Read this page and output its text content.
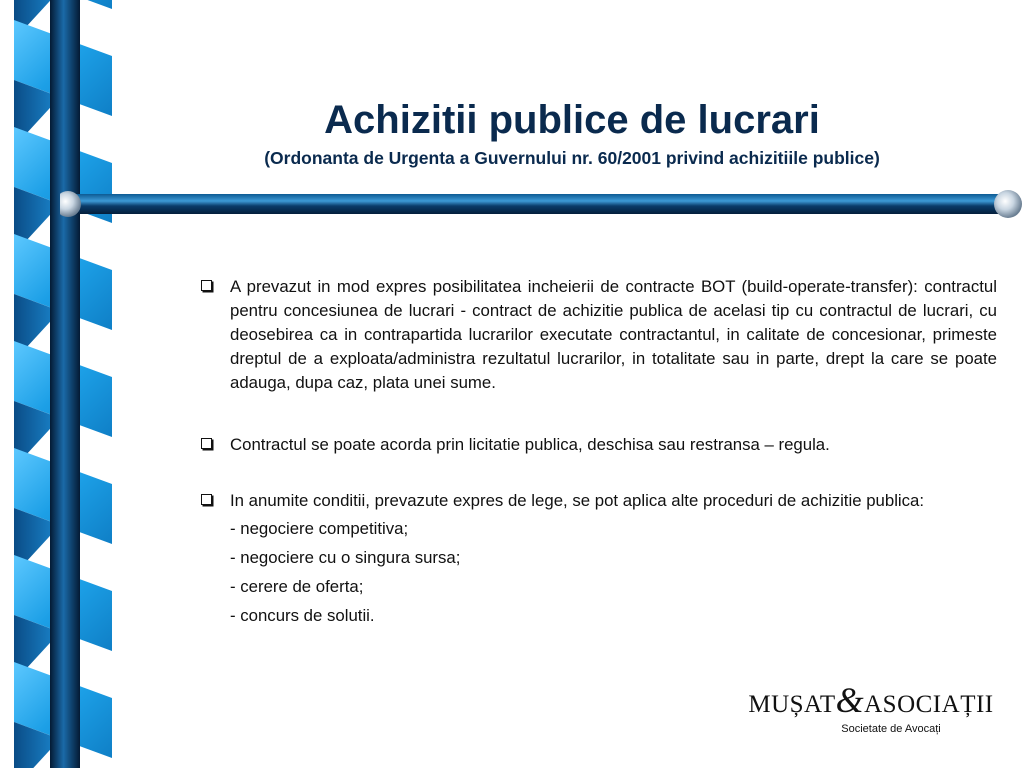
Achizitii publice de lucrari
(Ordonanta de Urgenta a Guvernului nr. 60/2001 privind achizitiile publice)
A prevazut in mod expres posibilitatea incheierii de contracte BOT (build-operate-transfer): contractul pentru concesiunea de lucrari - contract de achizitie publica de acelasi tip cu contractul de lucrari, cu deosebirea ca in contrapartida lucrarilor executate contractantul, in calitate de concesionar, primeste dreptul de a exploata/administra rezultatul lucrarilor, in totalitate sau in parte, drept la care se poate adauga, dupa caz, plata unei sume.
Contractul se poate acorda prin licitatie publica, deschisa sau restransa – regula.
In anumite conditii, prevazute expres de lege, se pot aplica alte proceduri de achizitie publica:
- negociere competitiva;
- negociere cu o singura sursa;
- cerere de oferta;
- concurs de solutii.
MUȘAT&ASOCIAȚII
Societate de Avocați
